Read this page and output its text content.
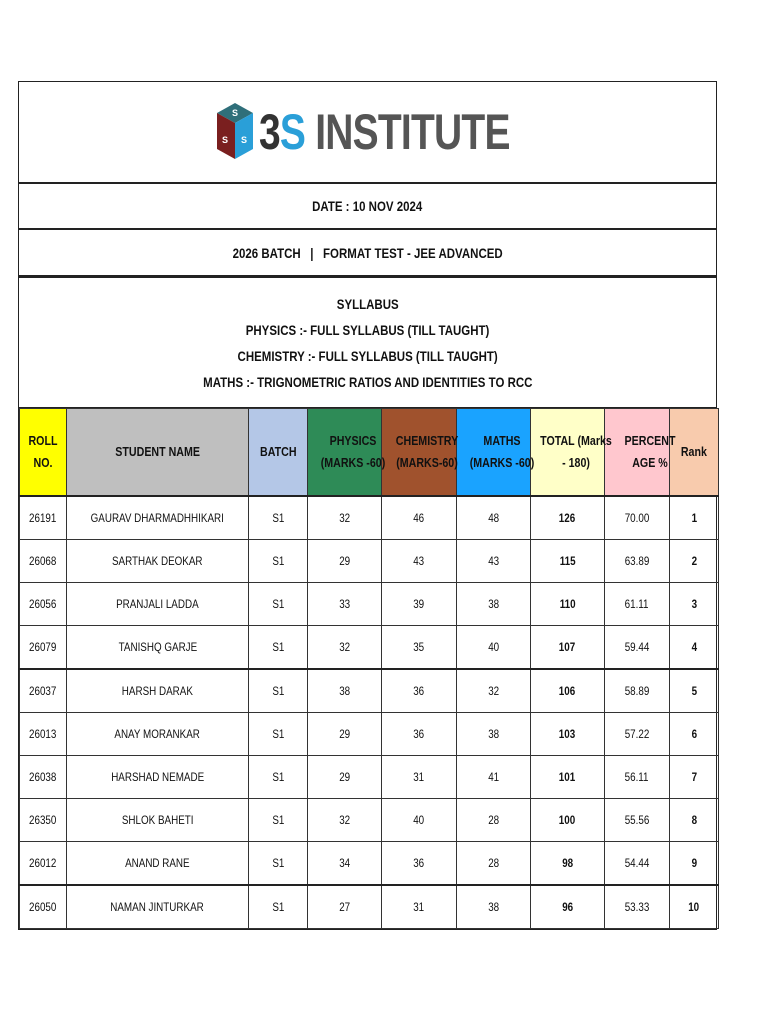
S
S S 3S INSTITUTE
DATE : 10 NOV 2024
2026 BATCH   |   FORMAT TEST - JEE ADVANCED
SYLLABUS
PHYSICS :- FULL SYLLABUS (TILL TAUGHT)
CHEMISTRY :- FULL SYLLABUS (TILL TAUGHT)
MATHS :- TRIGNOMETRIC RATIOS AND IDENTITIES TO RCC
ROLL NO.	STUDENT NAME	BATCH	PHYSICS (MARKS -60)	CHEMISTRY (MARKS-60)	MATHS (MARKS -60)	TOTAL (Marks - 180)	PERCENT AGE %	Rank
26191	GAURAV DHARMADHHIKARI	S1	32	46	48	126	70.00	1
26068	SARTHAK DEOKAR	S1	29	43	43	115	63.89	2
26056	PRANJALI LADDA	S1	33	39	38	110	61.11	3
26079	TANISHQ GARJE	S1	32	35	40	107	59.44	4
26037	HARSH DARAK	S1	38	36	32	106	58.89	5
26013	ANAY MORANKAR	S1	29	36	38	103	57.22	6
26038	HARSHAD NEMADE	S1	29	31	41	101	56.11	7
26350	SHLOK BAHETI	S1	32	40	28	100	55.56	8
26012	ANAND RANE	S1	34	36	28	98	54.44	9
26050	NAMAN JINTURKAR	S1	27	31	38	96	53.33	10
